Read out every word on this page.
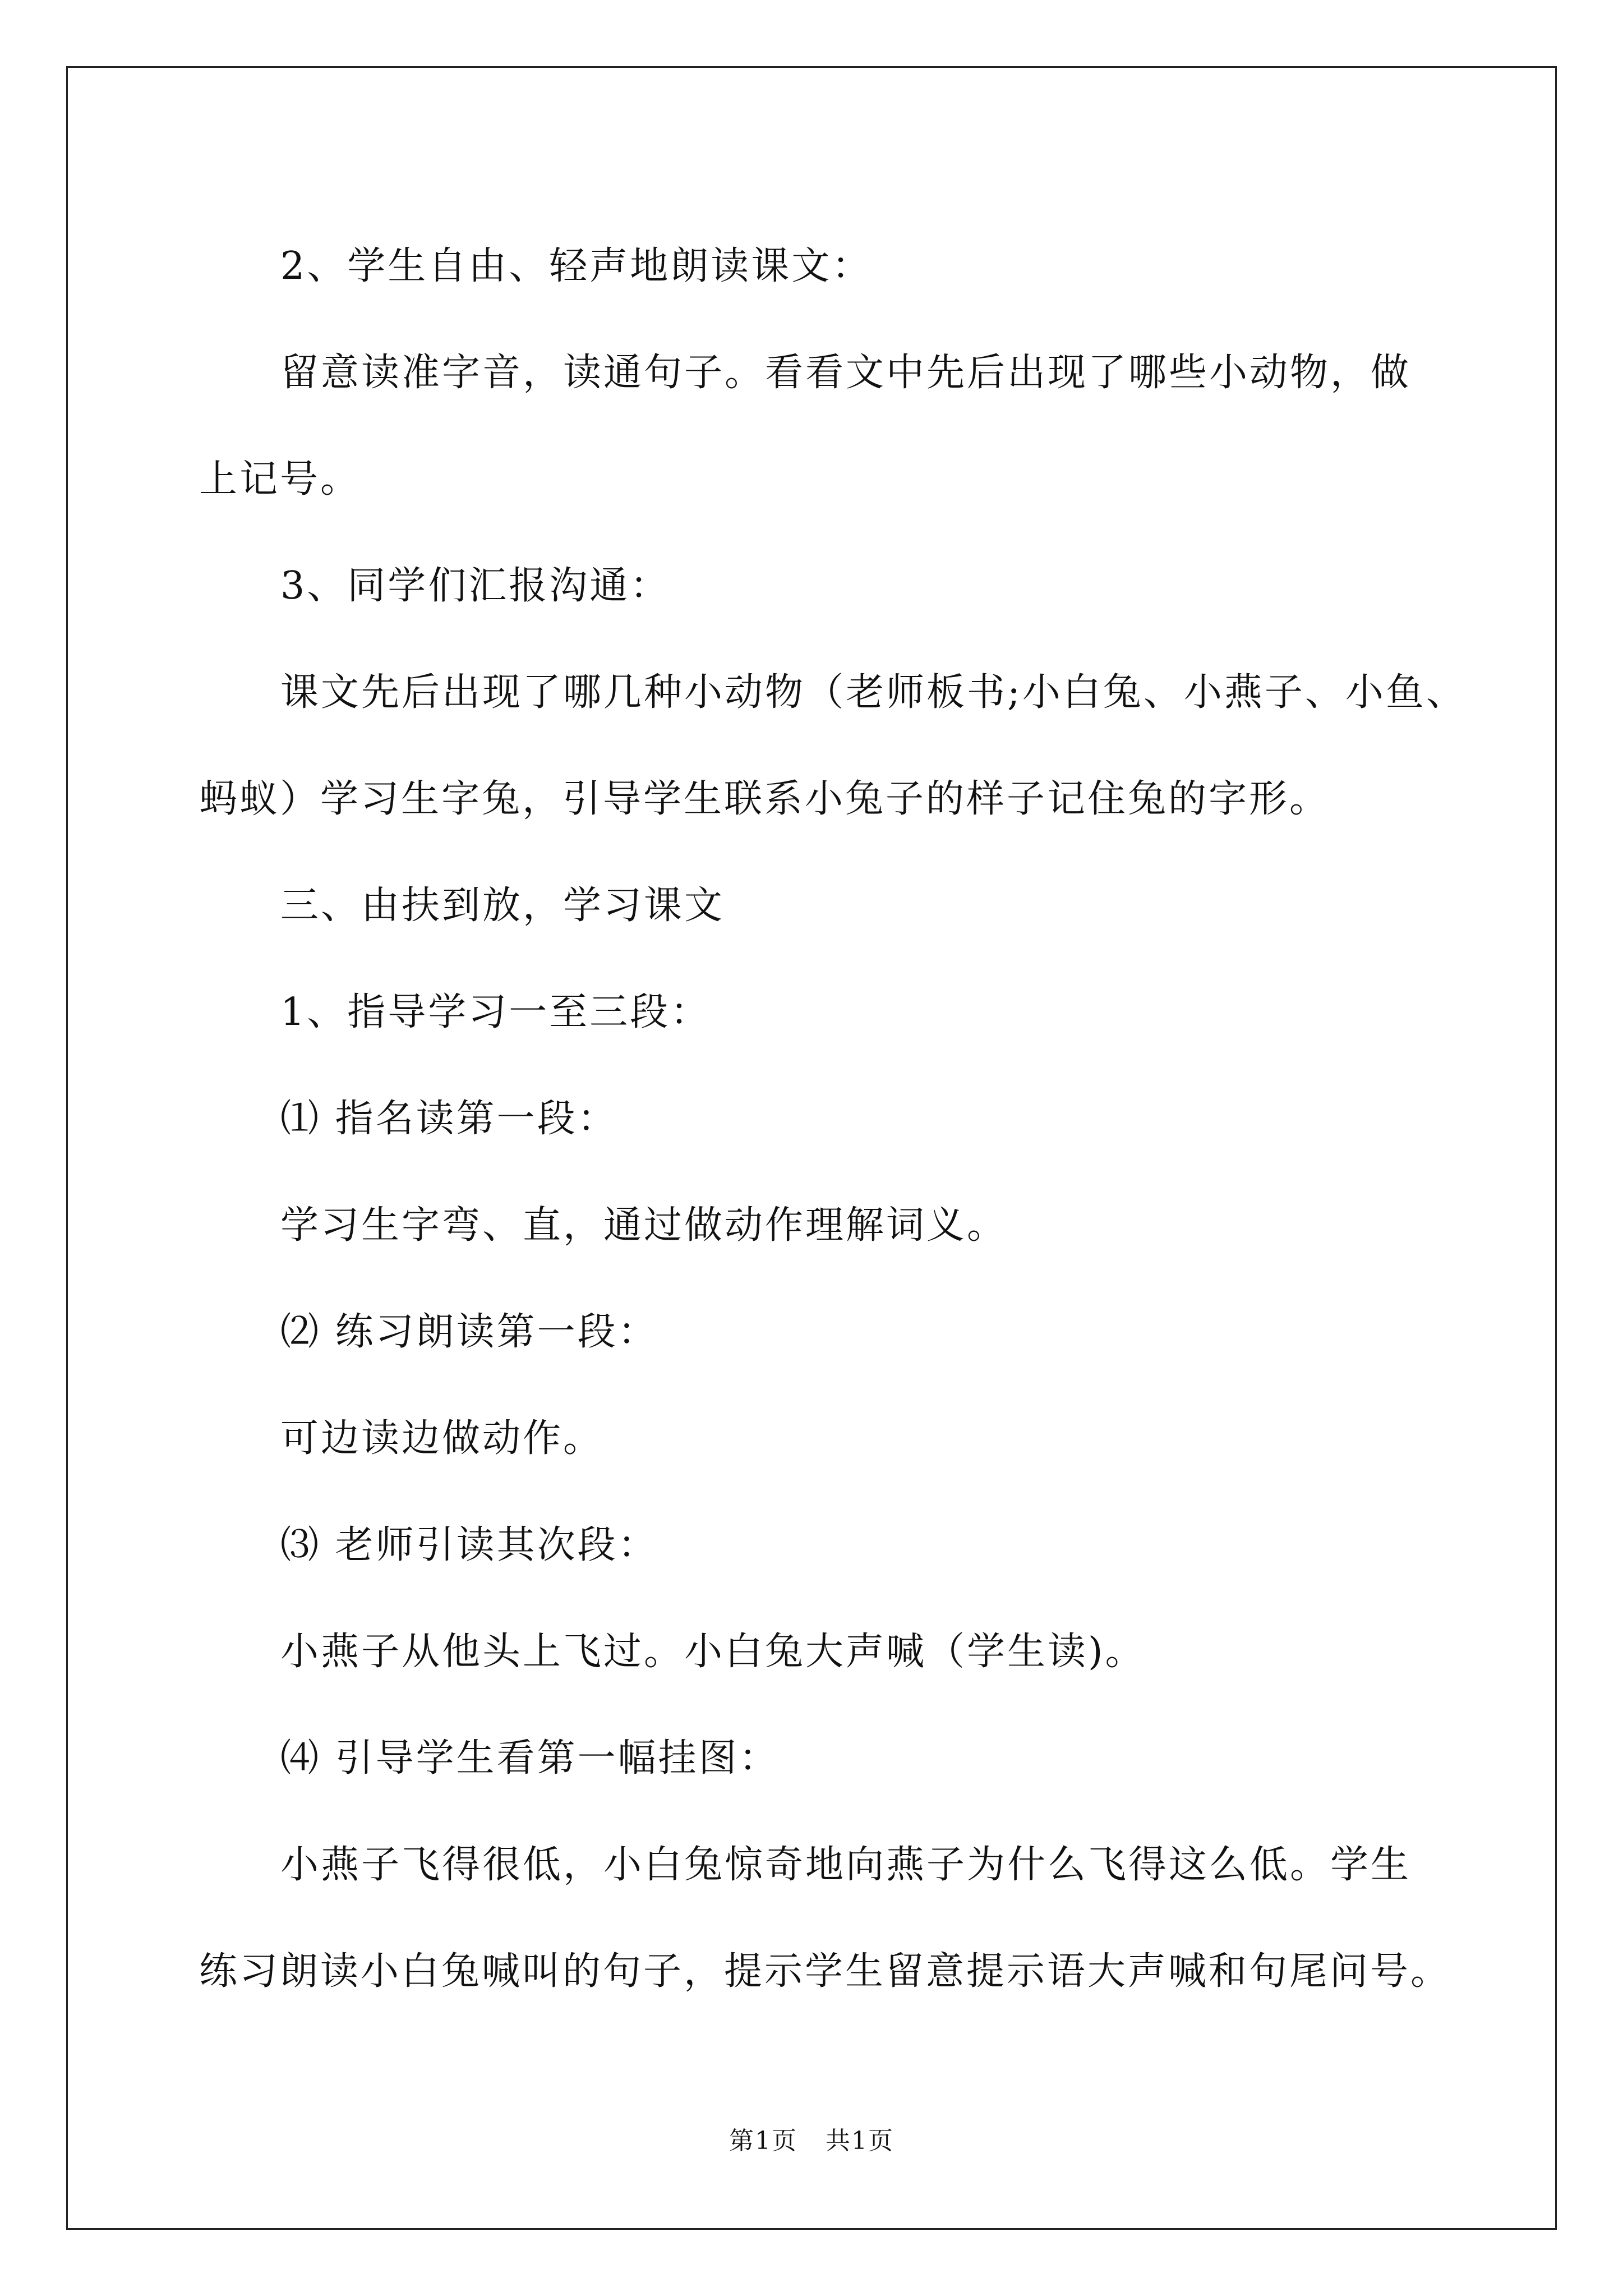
2、学生自由、轻声地朗读课文：

留意读准字音，读通句子。看看文中先后出现了哪些小动物，做

上记号。

3、同学们汇报沟通：

课文先后出现了哪几种小动物（老师板书;小白兔、小燕子、小鱼、

蚂蚁）学习生字兔，引导学生联系小兔子的样子记住兔的字形。

三、由扶到放，学习课文

1、指导学习一至三段：

⑴ 指名读第一段：

学习生字弯、直，通过做动作理解词义。

⑵ 练习朗读第一段：

可边读边做动作。

⑶ 老师引读其次段：

小燕子从他头上飞过。小白兔大声喊（学生读)。

⑷ 引导学生看第一幅挂图：

小燕子飞得很低，小白兔惊奇地向燕子为什么飞得这么低。学生

练习朗读小白兔喊叫的句子，提示学生留意提示语大声喊和句尾问号。

第1页 共1页
